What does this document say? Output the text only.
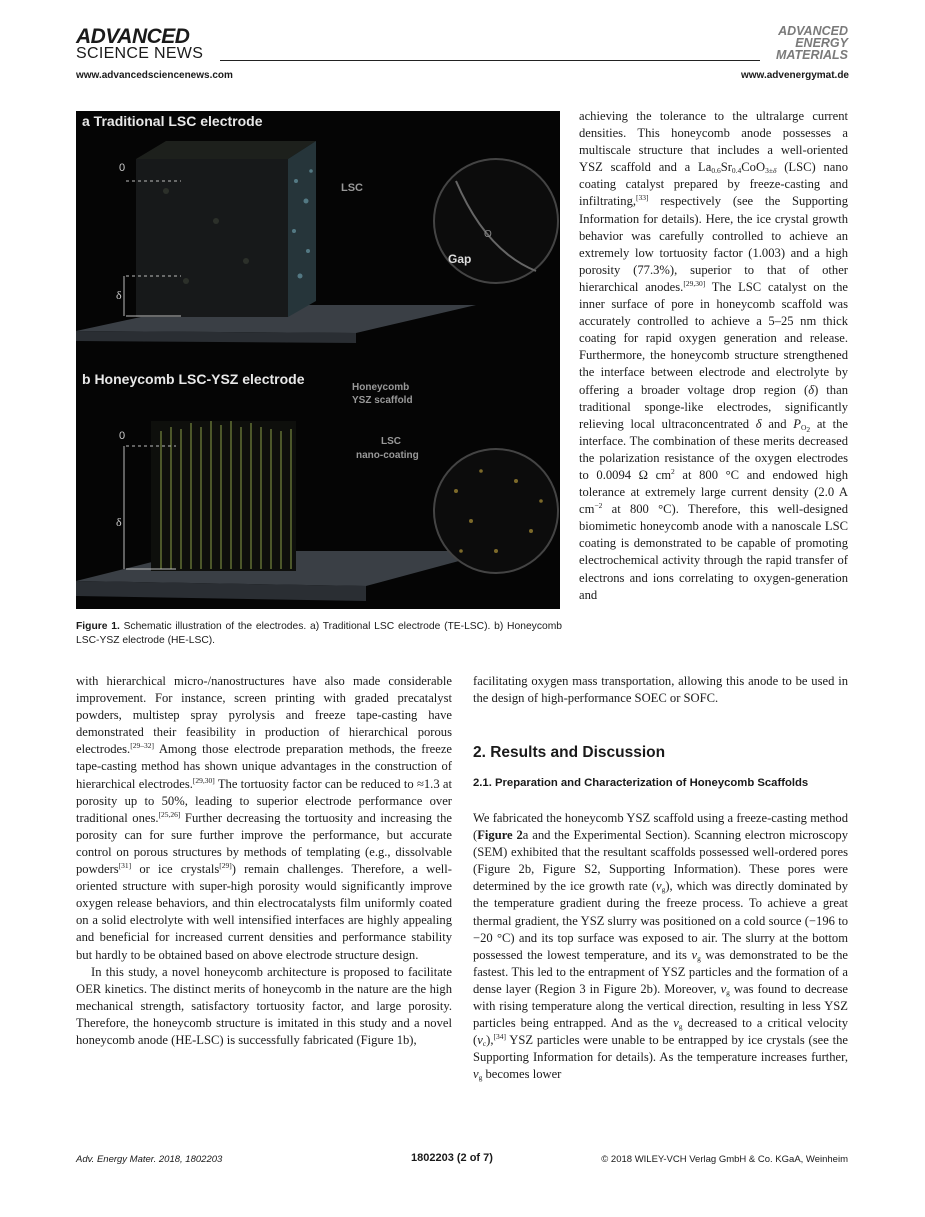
ADVANCED
SCIENCE NEWS
www.advancedsciencenews.com
ADVANCED
ENERGY
MATERIALS
www.advenergymat.de
a Traditional LSC electrode
0
δ
LSC
Gap
O
b Honeycomb LSC-YSZ electrode
Honeycomb
YSZ scaffold
0
δ
LSC
nano-coating
Figure 1. Schematic illustration of the electrodes. a) Traditional LSC electrode (TE-LSC). b) Honeycomb LSC-YSZ electrode (HE-LSC).

achieving the tolerance to the ultralarge current densities. This honeycomb anode possesses a multiscale structure that includes a well-oriented YSZ scaffold and a $La_{0.6}Sr_{0.4}CoO_{3\pm\delta}$ (LSC) nano coating catalyst prepared by freeze-casting and infiltrating,[33] respectively (see the Supporting Information for details). Here, the ice crystal growth behavior was carefully controlled to achieve an extremely low tortuosity factor (1.003) and a high porosity (77.3%), superior to that of other hierarchical anodes.[29,30] The LSC catalyst on the inner surface of pore in honeycomb scaffold was accurately controlled to achieve a 5–25 nm thick coating for rapid oxygen generation and release. Furthermore, the honeycomb structure strengthened the interface between electrode and electrolyte by offering a broader voltage drop region (δ) than traditional sponge-like electrodes, significantly relieving local ultraconcentrated δ and $P_{O_2}$ at the interface. The combination of these merits decreased the polarization resistance of the oxygen electrodes to 0.0094 Ω $cm^2$ at 800 °C and endowed high tolerance at extremely large current density (2.0 A $cm^{-2}$ at 800 °C). Therefore, this well-designed biomimetic honeycomb anode with a nanoscale LSC coating is demonstrated to be capable of promoting electrochemical activity through the rapid transfer of electrons and ions correlating to oxygen-generation and

facilitating oxygen mass transportation, allowing this anode to be used in the design of high-performance SOEC or SOFC.

2. Results and Discussion
2.1. Preparation and Characterization of Honeycomb Scaffolds

with hierarchical micro-/nanostructures have also made considerable improvement. For instance, screen printing with graded precatalyst powders, multistep spray pyrolysis and freeze tape-casting have demonstrated their feasibility in production of hierarchical porous electrodes.[29–32] Among those electrode preparation methods, the freeze tape-casting method has shown unique advantages in the construction of hierarchical electrodes.[29,30] The tortuosity factor can be reduced to ≈1.3 at porosity up to 50%, leading to superior electrode performance over traditional ones.[25,26] Further decreasing the tortuosity and increasing the porosity can for sure further improve the performance, but accurate control on porous structures by methods of templating (e.g., dissolvable powders[31] or ice crystals[29]) remain challenges. Therefore, a well-oriented structure with super-high porosity would significantly improve oxygen release behaviors, and thin electrocatalysts film uniformly coated on a solid electrolyte with well intensified interfaces are highly appealing and beneficial for increased current densities and performance stability but hardly to be obtained based on above electrode structure design.

In this study, a novel honeycomb architecture is proposed to facilitate OER kinetics. The distinct merits of honeycomb in the nature are the high mechanical strength, satisfactory tortuosity factor, and large porosity. Therefore, the honeycomb structure is imitated in this study and a novel honeycomb anode (HE-LSC) is successfully fabricated (Figure 1b),

We fabricated the honeycomb YSZ scaffold using a freeze-casting method (Figure 2a and the Experimental Section). Scanning electron microscopy (SEM) exhibited that the resultant scaffolds possessed well-ordered pores (Figure 2b, Figure S2, Supporting Information). These pores were determined by the ice growth rate $(v_g)$, which was directly dominated by the temperature gradient during the freeze process. To achieve a great thermal gradient, the YSZ slurry was positioned on a cold source (−196 to −20 °C) and its top surface was exposed to air. The slurry at the bottom possessed the lowest temperature, and its $v_g$ was demonstrated to be the fastest. This led to the entrapment of YSZ particles and the formation of a dense layer (Region 3 in Figure 2b). Moreover, $v_g$ was found to decrease with rising temperature along the vertical direction, resulting in less YSZ particles being entrapped. And as the $v_g$ decreased to a critical velocity $(v_c),[34]$ YSZ particles were unable to be entrapped by ice crystals (see the Supporting Information for details). As the temperature increases further, $v_g$ becomes lower

Adv. Energy Mater. 2018, 1802203	1802203 (2 of 7)	© 2018 WILEY-VCH Verlag GmbH & Co. KGaA, Weinheim
